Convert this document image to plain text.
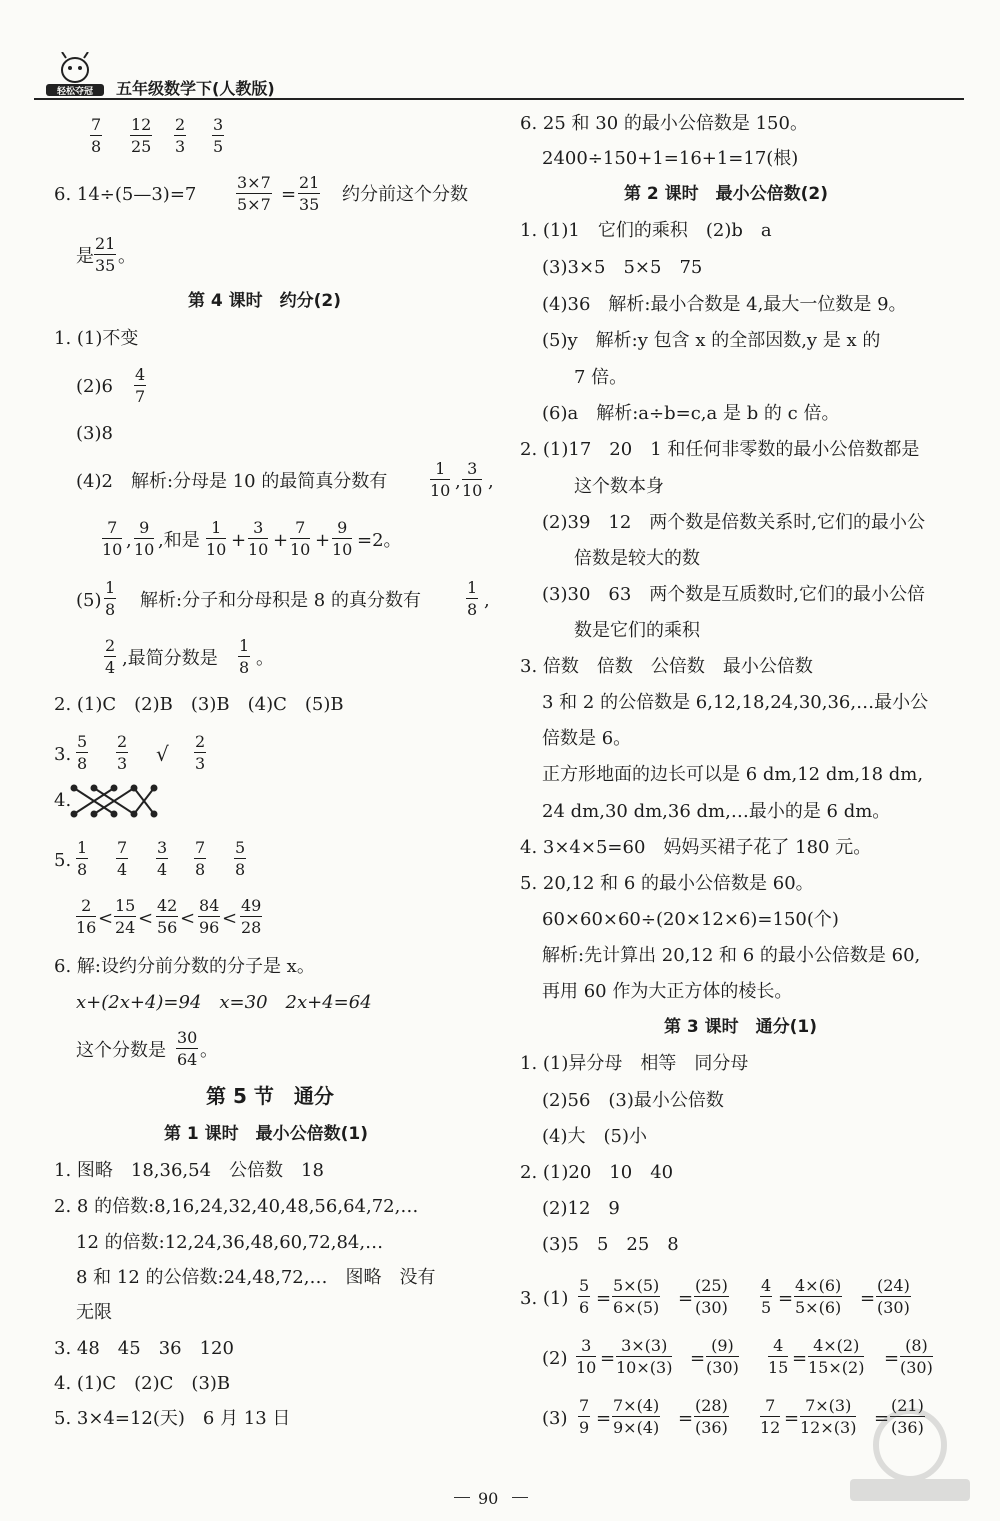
轻松夺冠 五年级数学下(人教版)
7
8
12
25
2
3
3
5
6. 14÷(5—3)=7
3×7
5×7 =
21
35 约分前这个分数
是
21
35 。
第 4 课时　约分(2)
1. (1)不变
(2)6
4
7
(3)8
(4)2　解析:分母是 10 的最简真分数有
1
10 ,
3
10 ,
7
10 ,
9
10 ,和是
1
10 +
3
10 +
7
10 +
9
10 =2。
(5)
1
8 解析:分子和分母积是 8 的真分数有
1
8 ,
2
4 ,最简分数是
1
8 。
2. (1)C　(2)B　(3)B　(4)C　(5)B
3.
5
8
2
3 √
2
3
4.
5.
1
8
7
4
3
4
7
8
5
8
2
16 <
15
24 <
42
56 <
84
96 <
49
28
6. 解:设约分前分数的分子是 x。
x+(2x+4)=94　x=30　2x+4=64
这个分数是
30
64 。
第 5 节　通分
第 1 课时　最小公倍数(1)
1. 图略　18,36,54　公倍数　18
2. 8 的倍数:8,16,24,32,40,48,56,64,72,…
12 的倍数:12,24,36,48,60,72,84,…
8 和 12 的公倍数:24,48,72,…　图略　没有
无限
3. 48　45　36　120
4. (1)C　(2)C　(3)B
5. 3×4=12(天)　6 月 13 日
6. 25 和 30 的最小公倍数是 150。
2400÷150+1=16+1=17(根)
第 2 课时　最小公倍数(2)
1. (1)1　它们的乘积　(2)b　a
(3)3×5　5×5　75
(4)36　解析:最小合数是 4,最大一位数是 9。
(5)y　解析:y 包含 x 的全部因数,y 是 x 的
7 倍。
(6)a　解析:a÷b=c,a 是 b 的 c 倍。
2. (1)17　20　1 和任何非零数的最小公倍数都是
这个数本身
(2)39　12　两个数是倍数关系时,它们的最小公
倍数是较大的数
(3)30　63　两个数是互质数时,它们的最小公倍
数是它们的乘积
3. 倍数　倍数　公倍数　最小公倍数
3 和 2 的公倍数是 6,12,18,24,30,36,…最小公
倍数是 6。
正方形地面的边长可以是 6 dm,12 dm,18 dm,
24 dm,30 dm,36 dm,…最小的是 6 dm。
4. 3×4×5=60　妈妈买裙子花了 180 元。
5. 20,12 和 6 的最小公倍数是 60。
60×60×60÷(20×12×6)=150(个)
解析:先计算出 20,12 和 6 的最小公倍数是 60,
再用 60 作为大正方体的棱长。
第 3 课时　通分(1)
1. (1)异分母　相等　同分母
(2)56　(3)最小公倍数
(4)大　(5)小
2. (1)20　10　40
(2)12　9
(3)5　5　25　8
3. (1)
5
6 =
5×(5)
6×(5) =
(25)
(30)
4
5 =
4×(6)
5×(6) =
(24)
(30)
(2)
3
10 =
3×(3)
10×(3) =
(9)
(30)
4
15 =
4×(2)
15×(2) =
(8)
(30)
(3)
7
9 =
7×(4)
9×(4) =
(28)
(36)
7
12 =
7×(3)
12×(3) =
(21)
(36)
90
